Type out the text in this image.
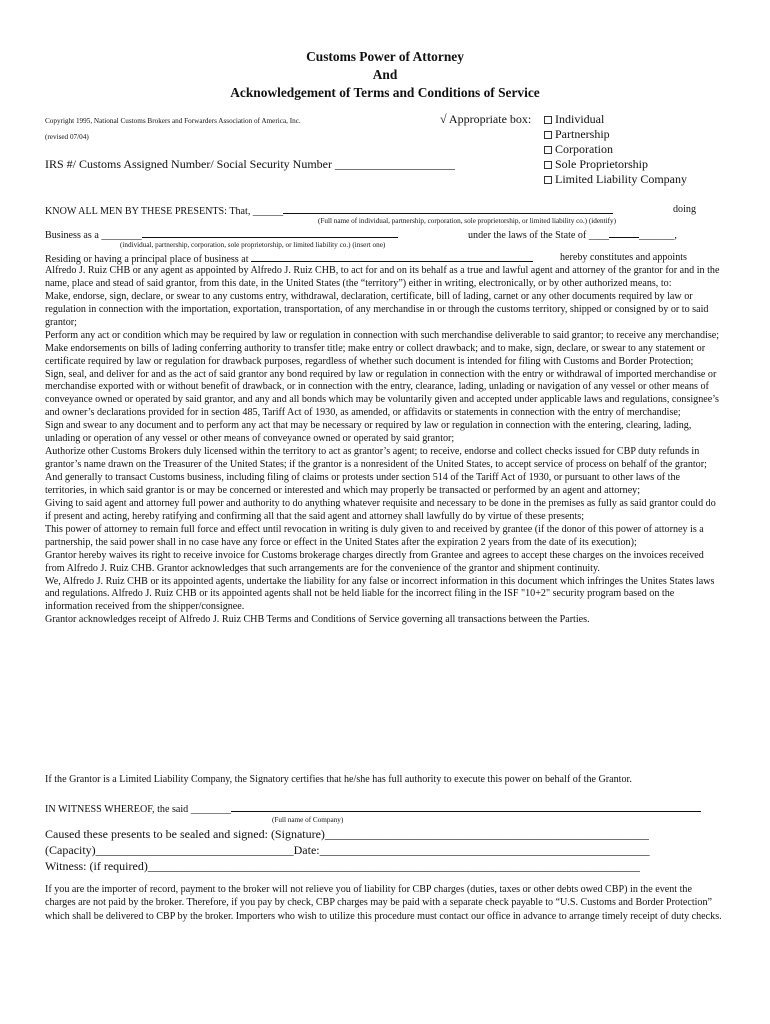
Customs Power of Attorney
And
Acknowledgement of Terms and Conditions of Service
Copyright 1995, National Customs Brokers and Forwarders Association of America, Inc.
(revised 07/04)
IRS #/ Customs Assigned Number/ Social Security Number ____________________
√ Appropriate box:	Individual
Partnership
Corporation
Sole Proprietorship
Limited Liability Company
KNOW ALL MEN BY THESE PRESENTS: That, ______	doing
(Full name of individual, partnership, corporation, sole proprietorship, or limited liability co.) (identify)
Business as a ________	under the laws of the State of ____	_______,
(individual, partnership, corporation, sole proprietorship, or limited liability co.) (insert one)
Residing or having a principal place of business at	hereby constitutes and appoints

Alfredo J. Ruiz CHB or any agent as appointed by Alfredo J. Ruiz CHB, to act for and on its behalf as a true and lawful agent and attorney of the grantor for and in the name, place and stead of said grantor, from this date, in the United States (the “territory”) either in writing, electronically, or by other authorized means, to:

Make, endorse, sign, declare, or swear to any customs entry, withdrawal, declaration, certificate, bill of lading, carnet or any other documents required by law or regulation in connection with the importation, exportation, transportation, of any merchandise in or through the customs territory, shipped or consigned by or to said grantor;

Perform any act or condition which may be required by law or regulation in connection with such merchandise deliverable to said grantor; to receive any merchandise;

Make endorsements on bills of lading conferring authority to transfer title; make entry or collect drawback; and to make, sign, declare, or swear to any statement or certificate required by law or regulation for drawback purposes, regardless of whether such document is intended for filing with Customs and Border Protection;

Sign, seal, and deliver for and as the act of said grantor any bond required by law or regulation in connection with the entry or withdrawal of imported merchandise or merchandise exported with or without benefit of drawback, or in connection with the entry, clearance, lading, unlading or navigation of any vessel or other means of conveyance owned or operated by said grantor, and any and all bonds which may be voluntarily given and accepted under applicable laws and regulations, consignee’s and owner’s declarations provided for in section 485, Tariff Act of 1930, as amended, or affidavits or statements in connection with the entry of merchandise;

Sign and swear to any document and to perform any act that may be necessary or required by law or regulation in connection with the entering, clearing, lading, unlading or operation of any vessel or other means of conveyance owned or operated by said grantor;

Authorize other Customs Brokers duly licensed within the territory to act as grantor’s agent; to receive, endorse and collect checks issued for CBP duty refunds in grantor’s name drawn on the Treasurer of the United States; if the grantor is a nonresident of the United States, to accept service of process on behalf of the grantor;

And generally to transact Customs business, including filing of claims or protests under section 514 of the Tariff Act of 1930, or pursuant to other laws of the territories, in which said grantor is or may be concerned or interested and which may properly be transacted or performed by an agent and attorney;

Giving to said agent and attorney full power and authority to do anything whatever requisite and necessary to be done in the premises as fully as said grantor could do if present and acting, hereby ratifying and confirming all that the said agent and attorney shall lawfully do by virtue of these presents;

This power of attorney to remain full force and effect until revocation in writing is duly given to and received by grantee (if the donor of this power of attorney is a partnership, the said power shall in no case have any force or effect in the United States after the expiration 2 years from the date of its execution);

Grantor hereby waives its right to receive invoice for Customs brokerage charges directly from Grantee and agrees to accept these charges on the invoices received from Alfredo J. Ruiz CHB. Grantor acknowledges that such arrangements are for the convenience of the grantor and shipment continuity.

We, Alfredo J. Ruiz CHB or its appointed agents, undertake the liability for any false or incorrect information in this document which infringes the Unites States laws and regulations. Alfredo J. Ruiz CHB or its appointed agents shall not be held liable for the incorrect filing in the ISF "10+2" security program based on the information received from the shipper/consignee.

Grantor acknowledges receipt of Alfredo J. Ruiz CHB Terms and Conditions of Service governing all transactions between the Parties.

If the Grantor is a Limited Liability Company, the Signatory certifies that he/she has full authority to execute this power on behalf of the Grantor.
IN WITNESS WHEREOF, the said ________
(Full name of Company)
Caused these presents to be sealed and signed: (Signature)______________________________________________________
(Capacity)_________________________________Date:_______________________________________________________
Witness: (if required)__________________________________________________________________________________
If you are the importer of record, payment to the broker will not relieve you of liability for CBP charges (duties, taxes or other debts owed CBP) in the event the charges are not paid by the broker. Therefore, if you pay by check, CBP charges may be paid with a separate check payable to “U.S. Customs and Border Protection” which shall be delivered to CBP by the broker. Importers who wish to utilize this procedure must contact our office in advance to arrange timely receipt of duty checks.
